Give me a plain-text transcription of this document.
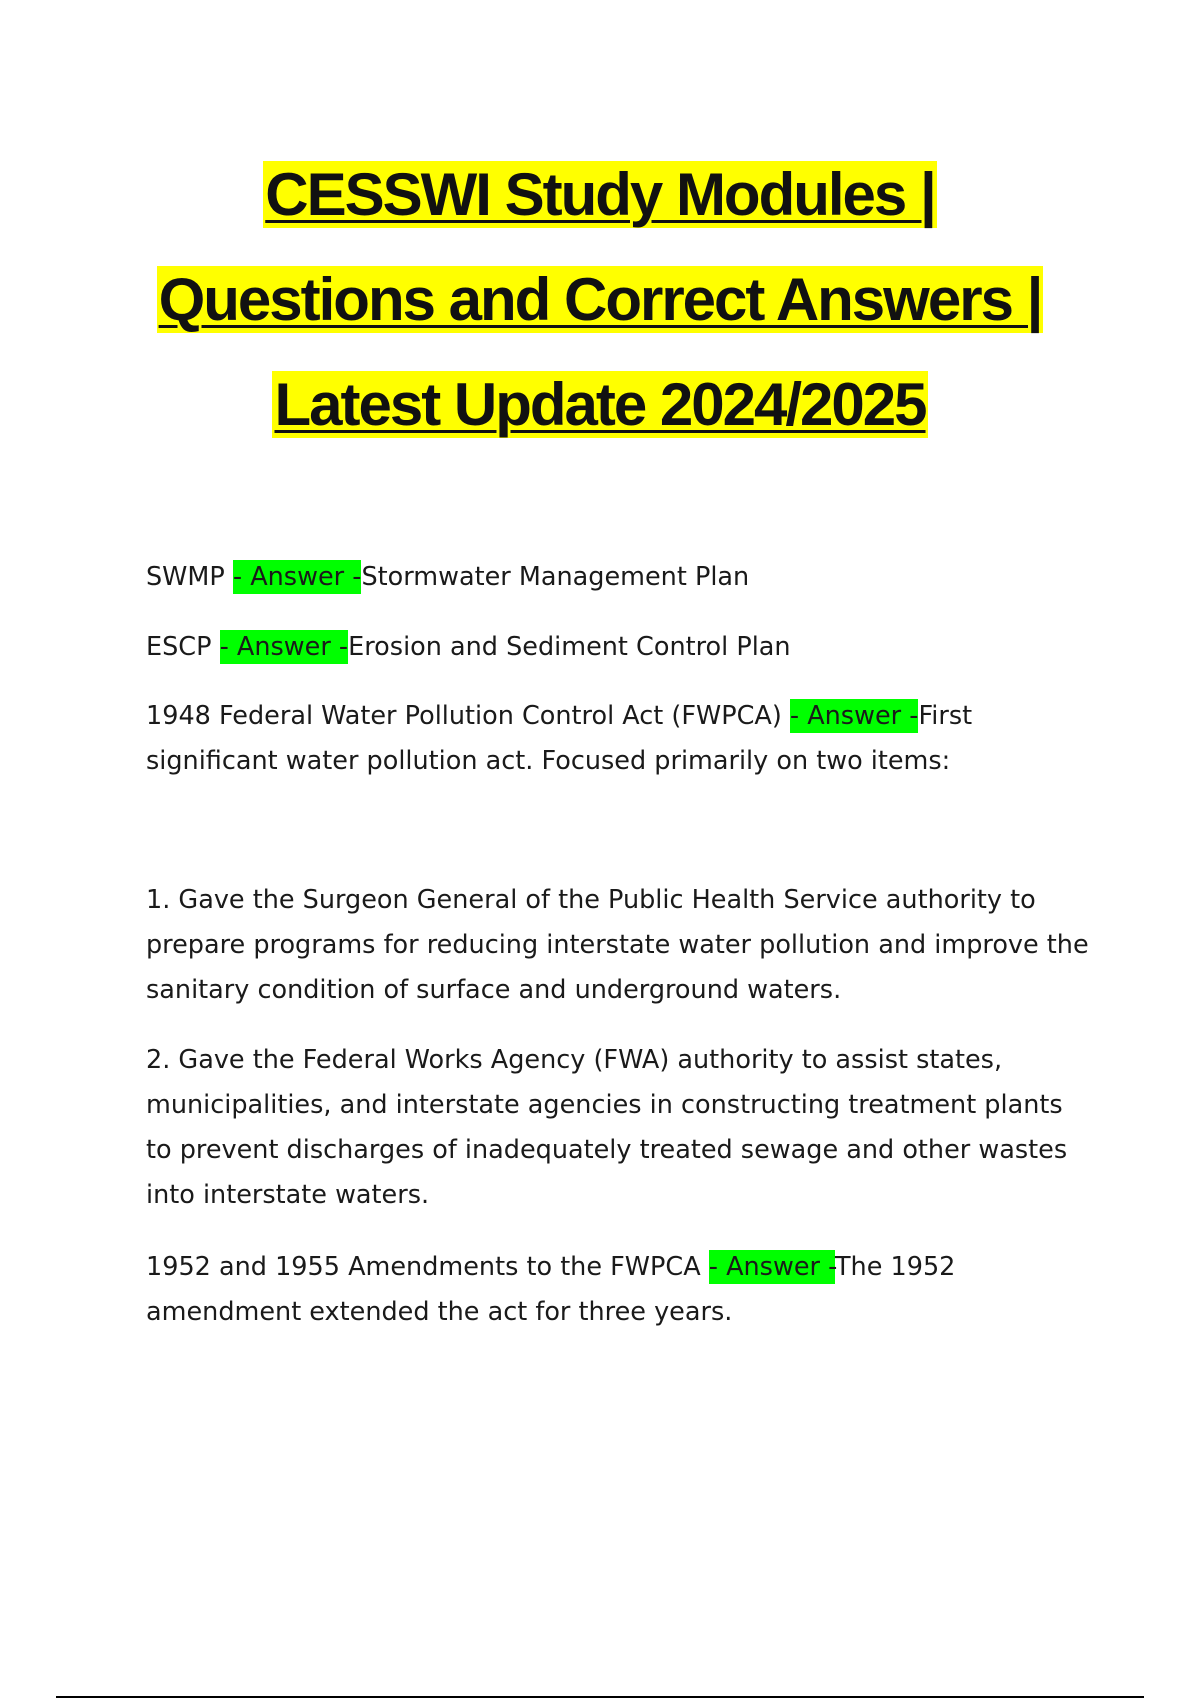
CESSWI Study Modules |
Questions and Correct Answers |
Latest Update 2024/2025

SWMP - Answer -Stormwater Management Plan

ESCP - Answer -Erosion and Sediment Control Plan

1948 Federal Water Pollution Control Act (FWPCA) - Answer -First significant water pollution act. Focused primarily on two items:

1. Gave the Surgeon General of the Public Health Service authority to prepare programs for reducing interstate water pollution and improve the sanitary condition of surface and underground waters.

2. Gave the Federal Works Agency (FWA) authority to assist states, municipalities, and interstate agencies in constructing treatment plants to prevent discharges of inadequately treated sewage and other wastes into interstate waters.

1952 and 1955 Amendments to the FWPCA - Answer -The 1952 amendment extended the act for three years.
